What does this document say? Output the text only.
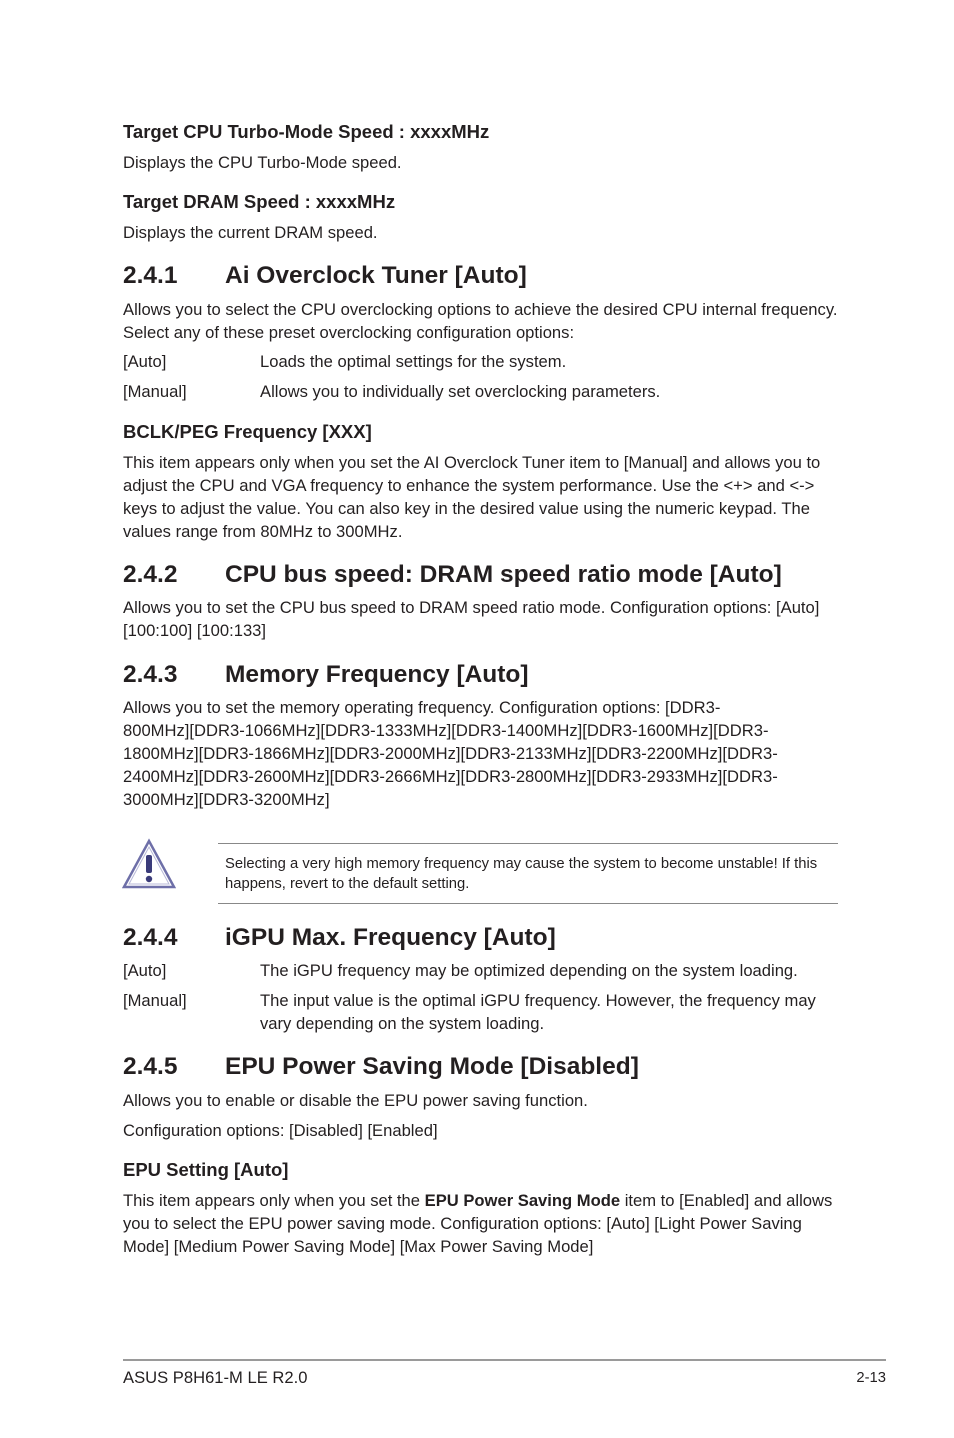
Target CPU Turbo-Mode Speed : xxxxMHz

Displays the CPU Turbo-Mode speed.

Target DRAM Speed : xxxxMHz

Displays the current DRAM speed.

2.4.1 Ai Overclock Tuner [Auto]

Allows you to select the CPU overclocking options to achieve the desired CPU internal frequency. Select any of these preset overclocking configuration options:

[Auto]	Loads the optimal settings for the system.
[Manual]	Allows you to individually set overclocking parameters.
BCLK/PEG Frequency [XXX]

This item appears only when you set the AI Overclock Tuner item to [Manual] and allows you to adjust the CPU and VGA frequency to enhance the system performance. Use the <+> and <-> keys to adjust the value. You can also key in the desired value using the numeric keypad. The values range from 80MHz to 300MHz.

2.4.2 CPU bus speed: DRAM speed ratio mode [Auto]

Allows you to set the CPU bus speed to DRAM speed ratio mode. Configuration options: [Auto] [100:100] [100:133]

2.4.3 Memory Frequency [Auto]
Allows you to set the memory operating frequency. Configuration options: [DDR3-
800MHz][DDR3-1066MHz][DDR3-1333MHz][DDR3-1400MHz][DDR3-1600MHz][DDR3-
1800MHz][DDR3-1866MHz][DDR3-2000MHz][DDR3-2133MHz][DDR3-2200MHz][DDR3-
2400MHz][DDR3-2600MHz][DDR3-2666MHz][DDR3-2800MHz][DDR3-2933MHz][DDR3-
3000MHz][DDR3-3200MHz]

Selecting a very high memory frequency may cause the system to become unstable! If this happens, revert to the default setting.

2.4.4 iGPU Max. Frequency [Auto]
[Auto]	The iGPU frequency may be optimized depending on the system loading.
[Manual]	The input value is the optimal iGPU frequency. However, the frequency may vary depending on the system loading.
2.4.5 EPU Power Saving Mode [Disabled]

Allows you to enable or disable the EPU power saving function.

Configuration options: [Disabled] [Enabled]

EPU Setting [Auto]

This item appears only when you set the EPU Power Saving Mode item to [Enabled] and allows you to select the EPU power saving mode. Configuration options: [Auto] [Light Power Saving Mode] [Medium Power Saving Mode] [Max Power Saving Mode]

ASUS P8H61-M LE R2.0	2-13
